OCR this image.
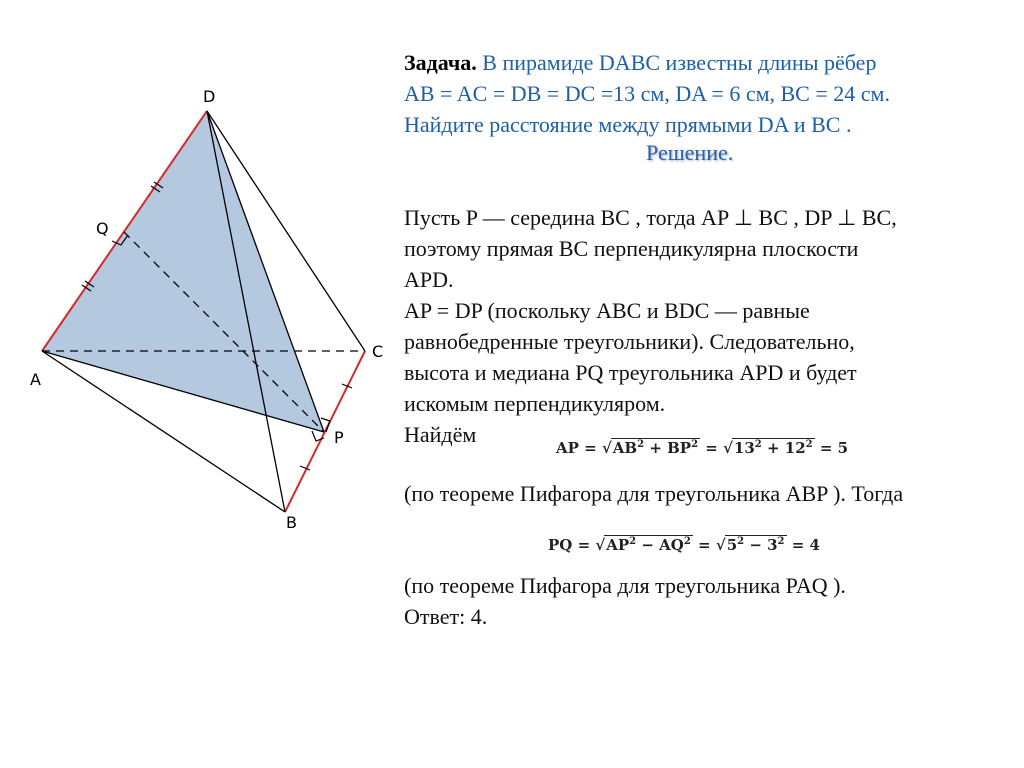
D
Q
C
A
P
B
Задача. В пирамиде DABC известны длины рёбер
AB = AC = DB = DC =13 см, DA = 6 см, BC = 24 см.
Найдите расстояние между прямыми DA и BC .
Решение.
Пусть P — середина BC , тогда AP ⊥ BC , DP ⊥ BC,
поэтому прямая BC перпендикулярна плоскости
APD.
AP = DP (поскольку ABC и BDC — равные
равнобедренные треугольники). Следовательно,
высота и медиана PQ треугольника APD и будет
искомым перпендикуляром.
Найдём
AP = $√AB^2 + BP^2 = √13^2 + 12^2 = 5$
(по теореме Пифагора для треугольника ABP ). Тогда
PQ = $√AP^2 - AQ^2 = √5^2 - 3^2 = 4$
(по теореме Пифагора для треугольника PAQ ).
Ответ: 4.
